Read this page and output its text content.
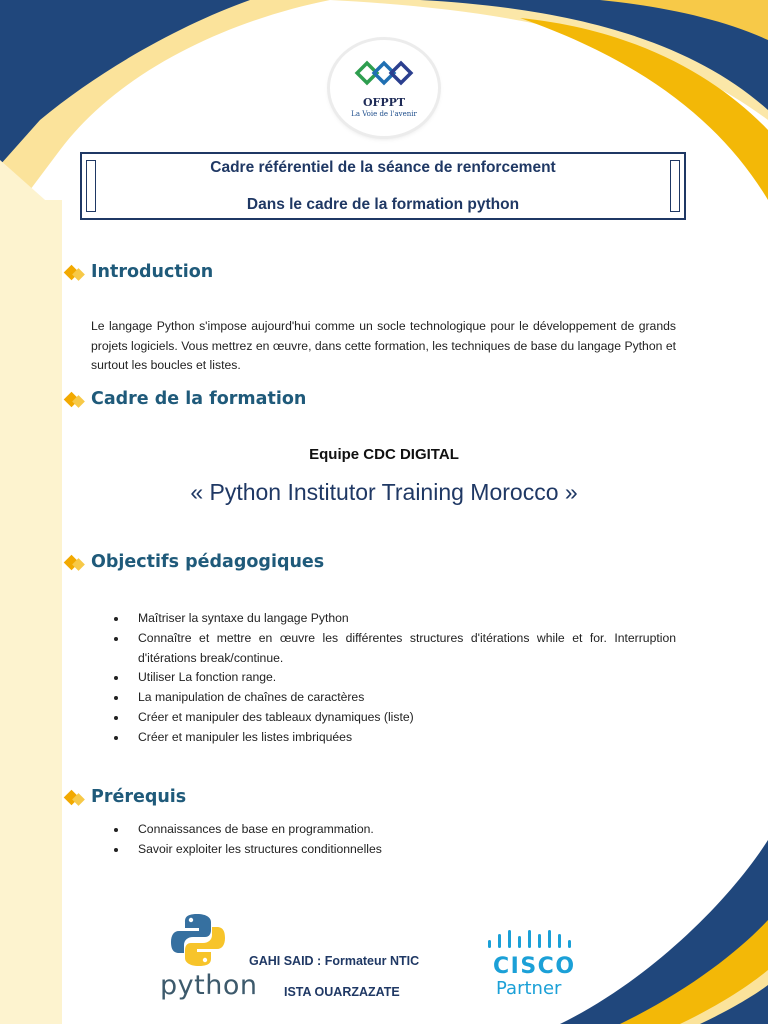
OFPPT
La Voie de l'avenir
Cadre référentiel de la séance de renforcement
Dans le cadre de la formation python
Introduction
Le langage Python s'impose aujourd'hui comme un socle technologique pour le développement de grands projets logiciels. Vous mettrez en œuvre, dans cette formation, les techniques de base du langage Python et surtout les boucles et listes.
Cadre de la formation
Equipe CDC DIGITAL
« Python Institutor Training Morocco »
Objectifs pédagogiques
Maîtriser la syntaxe du langage Python
Connaître et mettre en œuvre les différentes structures d'itérations while et for. Interruption d'itérations break/continue.
Utiliser La fonction range.
La manipulation de chaînes de caractères
Créer et manipuler des tableaux dynamiques (liste)
Créer et manipuler les listes imbriquées
Prérequis
Connaissances de base en programmation.
Savoir exploiter les structures conditionnelles
python
GAHI SAID : Formateur NTIC
ISTA OUARZAZATE
CISCO
Partner
